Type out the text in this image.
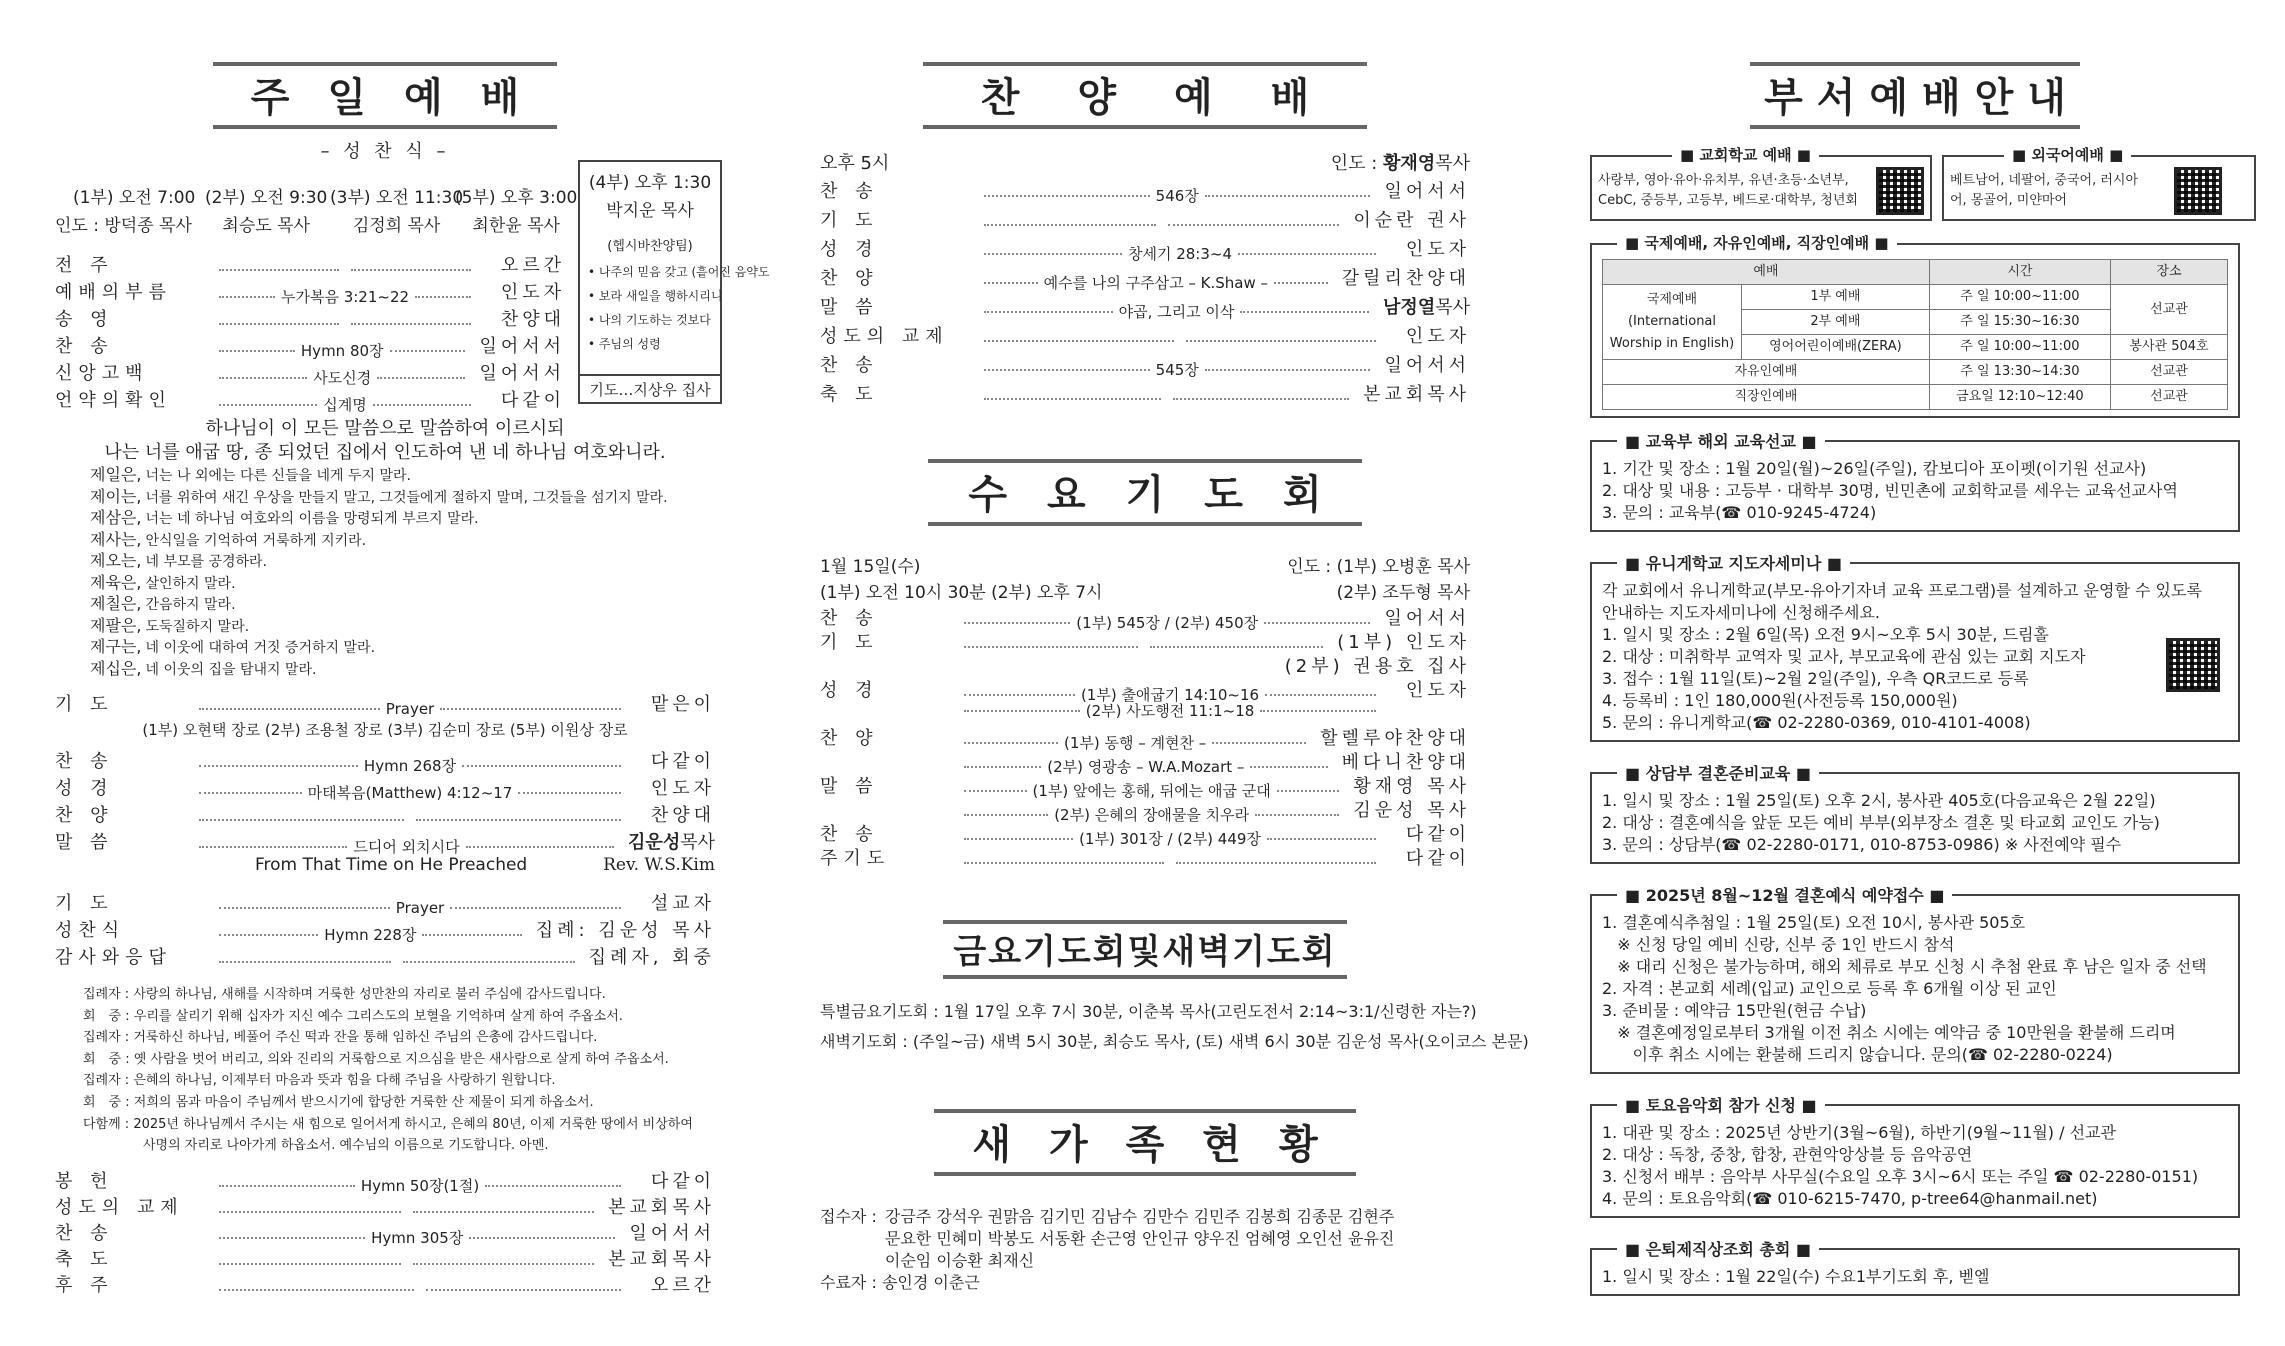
주일예배
– 성 찬 식 –
(1부) 오전 7:00
인도 : 방덕종 목사
(2부) 오전 9:30
최승도 목사
(3부) 오전 11:30
김정희 목사
(5부) 오후 3:00
최한윤 목사
(4부) 오후 1:30
박지운 목사
(헵시바찬양팀)
• 나주의 믿음 갖고 (흩어진 음약도
• 보라 새일을 행하시리니
• 나의 기도하는 것보다
• 주님의 성령
기도…지상우 집사
전 주	오르간
예배의부름	누가복음 3:21~22	인도자
송 영	찬양대
찬 송	Hymn 80장	일어서서
신앙고백	사도신경	일어서서
언약의확인	십계명	다같이
하나님이 이 모든 말씀으로 말씀하여 이르시되
나는 너를 애굽 땅, 종 되었던 집에서 인도하여 낸 네 하나님 여호와니라.
제일은, 너는 나 외에는 다른 신들을 네게 두지 말라.
제이는, 너를 위하여 새긴 우상을 만들지 말고, 그것들에게 절하지 말며, 그것들을 섬기지 말라.
제삼은, 너는 네 하나님 여호와의 이름을 망령되게 부르지 말라.
제사는, 안식일을 기억하여 거룩하게 지키라.
제오는, 네 부모를 공경하라.
제육은, 살인하지 말라.
제칠은, 간음하지 말라.
제팔은, 도둑질하지 말라.
제구는, 네 이웃에 대하여 거짓 증거하지 말라.
제십은, 네 이웃의 집을 탐내지 말라.
기 도	Prayer	맡은이
(1부) 오현택 장로 (2부) 조용철 장로 (3부) 김순미 장로 (5부) 이원상 장로
찬 송	Hymn 268장	다같이
성 경	마태복음(Matthew) 4:12~17	인도자
찬 양	찬양대
말 씀	드디어 외치시다	김운성목사
From That Time on He Preached	Rev. W.S.Kim
기 도	Prayer	설교자
성찬식	Hymn 228장	집례: 김운성 목사
감사와응답	집례자, 회중
집례자 : 사랑의 하나님, 새해를 시작하며 거룩한 성만찬의 자리로 불러 주심에 감사드립니다.
회　중 : 우리를 살리기 위해 십자가 지신 예수 그리스도의 보혈을 기억하며 살게 하여 주옵소서.
집례자 : 거룩하신 하나님, 베풀어 주신 떡과 잔을 통해 임하신 주님의 은총에 감사드립니다.
회　중 : 옛 사람을 벗어 버리고, 의와 진리의 거룩함으로 지으심을 받은 새사람으로 살게 하여 주옵소서.
집례자 : 은혜의 하나님, 이제부터 마음과 뜻과 힘을 다해 주님을 사랑하기 원합니다.
회　중 : 저희의 몸과 마음이 주님께서 받으시기에 합당한 거룩한 산 제물이 되게 하옵소서.
다함께 : 2025년 하나님께서 주시는 새 힘으로 일어서게 하시고, 은혜의 80년, 이제 거룩한 땅에서 비상하여
사명의 자리로 나아가게 하옵소서. 예수님의 이름으로 기도합니다. 아멘.
봉 헌	Hymn 50장(1절)	다같이
성도의 교제	본교회목사
찬 송	Hymn 305장	일어서서
축 도	본교회목사
후 주	오르간
찬양예배
오후 5시	인도 : 황재영목사
찬 송	546장	일어서서
기 도	이순란 권사
성 경	창세기 28:3~4	인도자
찬 양	예수를 나의 구주삼고 – K.Shaw –	갈릴리찬양대
말 씀	야곱, 그리고 이삭	남정열목사
성도의 교제	인도자
찬 송	545장	일어서서
축 도	본교회목사
수요기도회
1월 15일(수)	인도 : (1부) 오병훈 목사
(1부) 오전 10시 30분 (2부) 오후 7시	(2부) 조두형 목사
찬 송	(1부) 545장 / (2부) 450장	일어서서
기 도	(1부) 인도자
(2부) 권용호 집사
성 경	(1부) 출애굽기 14:10~16	인도자
(2부) 사도행전 11:1~18
찬 양	(1부) 동행 – 계현찬 –	할렐루야찬양대
(2부) 영광송 – W.A.Mozart –	베다니찬양대
말 씀	(1부) 앞에는 홍해, 뒤에는 애굽 군대	황재영 목사
(2부) 은혜의 장애물을 치우라	김운성 목사
찬 송	(1부) 301장 / (2부) 449장	다같이
주기도	다같이
금요기도회및새벽기도회
특별금요기도회 : 1월 17일 오후 7시 30분, 이춘복 목사(고린도전서 2:14~3:1/신령한 자는?)
새벽기도회 : (주일~금) 새벽 5시 30분, 최승도 목사, (토) 새벽 6시 30분 김운성 목사(오이코스 본문)
새가족현황
접수자 : 강금주 강석우 권맑음 김기민 김남수 김만수 김민주 김봉희 김종문 김현주
문요한 민혜미 박봉도 서동환 손근영 안인규 양우진 엄혜영 오인선 윤유진
이순임 이승환 최재신
수료자 : 송인경 이춘근
부서예배안내
■ 교회학교 예배 ■
사랑부, 영아·유아·유치부, 유년·초등·소년부, CebC, 중등부, 고등부, 베드로·대학부, 청년회
■ 외국어예배 ■
베트남어, 네팔어, 중국어, 러시아어, 몽골어, 미얀마어
■ 국제예배, 자유인예배, 직장인예배 ■
예배		시간	장소
국제예배 (International Worship in English)	1부 예배	주 일 10:00~11:00	선교관
	2부 예배	주 일 15:30~16:30	
	영어어린이예배(ZERA)	주 일 10:00~11:00	봉사관 504호
자유인예배		주 일 13:30~14:30	선교관
직장인예배		금요일 12:10~12:40	선교관
■ 교육부 해외 교육선교 ■
1. 기간 및 장소 : 1월 20일(월)~26일(주일), 캄보디아 포이펫(이기원 선교사)
2. 대상 및 내용 : 고등부 · 대학부 30명, 빈민촌에 교회학교를 세우는 교육선교사역
3. 문의 : 교육부(☎ 010-9245-4724)
■ 유니게학교 지도자세미나 ■
각 교회에서 유니게학교(부모-유아기자녀 교육 프로그램)를 설계하고 운영할 수 있도록
안내하는 지도자세미나에 신청해주세요.
1. 일시 및 장소 : 2월 6일(목) 오전 9시~오후 5시 30분, 드림홀
2. 대상 : 미취학부 교역자 및 교사, 부모교육에 관심 있는 교회 지도자
3. 접수 : 1월 11일(토)~2월 2일(주일), 우측 QR코드로 등록
4. 등록비 : 1인 180,000원(사전등록 150,000원)
5. 문의 : 유니게학교(☎ 02-2280-0369, 010-4101-4008)
■ 상담부 결혼준비교육 ■
1. 일시 및 장소 : 1월 25일(토) 오후 2시, 봉사관 405호(다음교육은 2월 22일)
2. 대상 : 결혼예식을 앞둔 모든 예비 부부(외부장소 결혼 및 타교회 교인도 가능)
3. 문의 : 상담부(☎ 02-2280-0171, 010-8753-0986) ※ 사전예약 필수
■ 2025년 8월~12월 결혼예식 예약접수 ■
1. 결혼예식추첨일 : 1월 25일(토) 오전 10시, 봉사관 505호
※ 신청 당일 예비 신랑, 신부 중 1인 반드시 참석
※ 대리 신청은 불가능하며, 해외 체류로 부모 신청 시 추첨 완료 후 남은 일자 중 선택
2. 자격 : 본교회 세례(입교) 교인으로 등록 후 6개월 이상 된 교인
3. 준비물 : 예약금 15만원(현금 수납)
※ 결혼예정일로부터 3개월 이전 취소 시에는 예약금 중 10만원을 환불해 드리며
이후 취소 시에는 환불해 드리지 않습니다. 문의(☎ 02-2280-0224)
■ 토요음악회 참가 신청 ■
1. 대관 및 장소 : 2025년 상반기(3월~6월), 하반기(9월~11월) / 선교관
2. 대상 : 독창, 중창, 합창, 관현악앙상블 등 음악공연
3. 신청서 배부 : 음악부 사무실(수요일 오후 3시~6시 또는 주일 ☎ 02-2280-0151)
4. 문의 : 토요음악회(☎ 010-6215-7470, p-tree64@hanmail.net)
■ 은퇴제직상조회 총회 ■
1. 일시 및 장소 : 1월 22일(수) 수요1부기도회 후, 벧엘
